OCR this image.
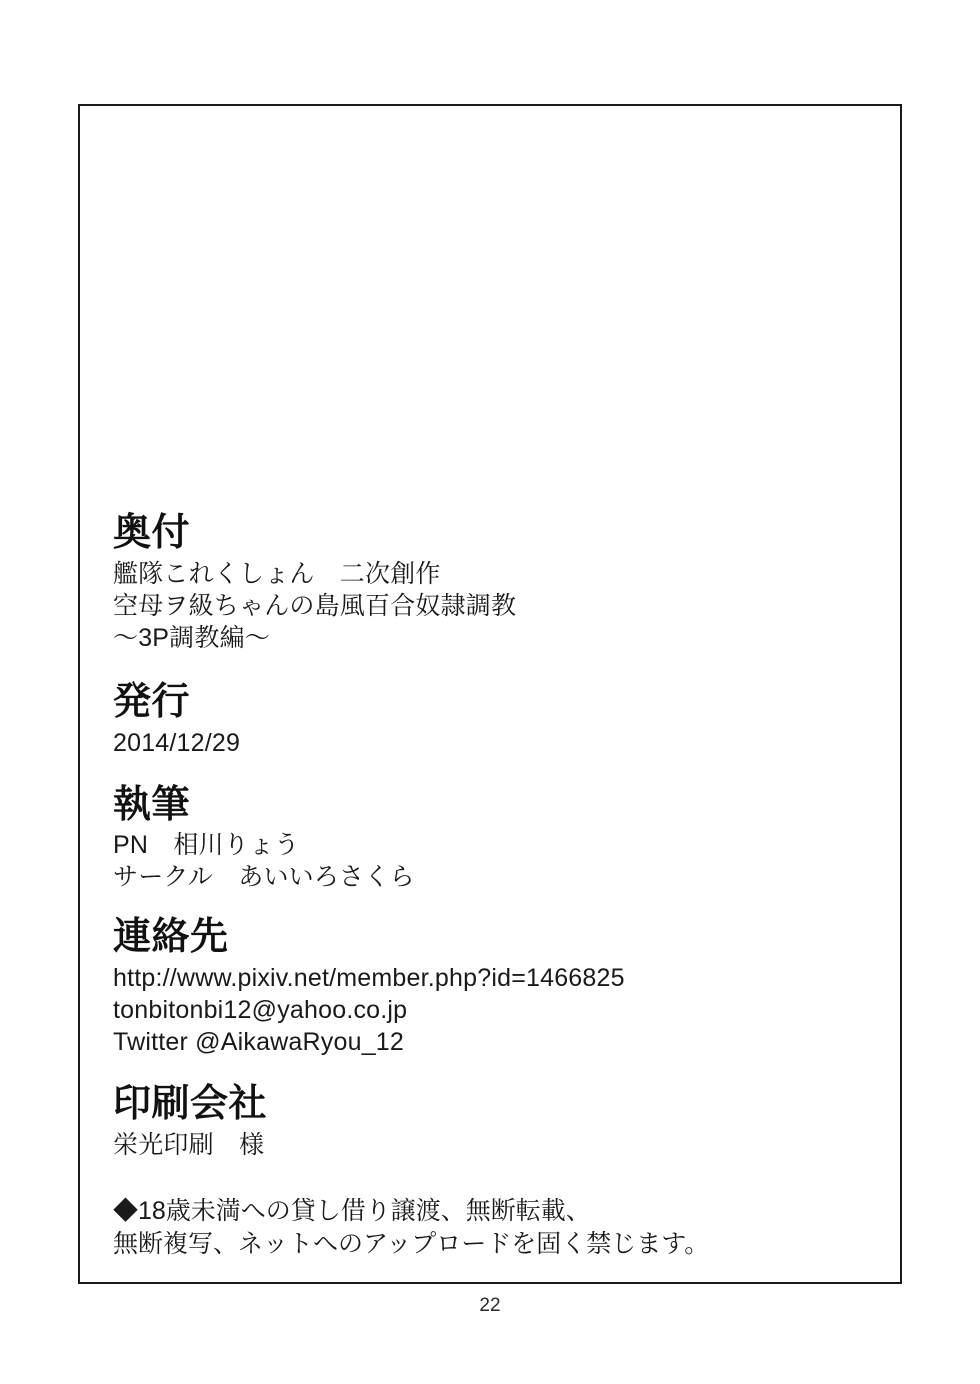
奥付
艦隊これくしょん　二次創作
空母ヲ級ちゃんの島風百合奴隷調教
～3P調教編～
発行
2014/12/29
執筆
PN　相川りょう
サークル　あいいろさくら
連絡先
http://www.pixiv.net/member.php?id=1466825
tonbitonbi12@yahoo.co.jp
Twitter @AikawaRyou_12
印刷会社
栄光印刷　様
◆18歳未満への貸し借り譲渡、無断転載、
無断複写、ネットへのアップロードを固く禁じます。
22
